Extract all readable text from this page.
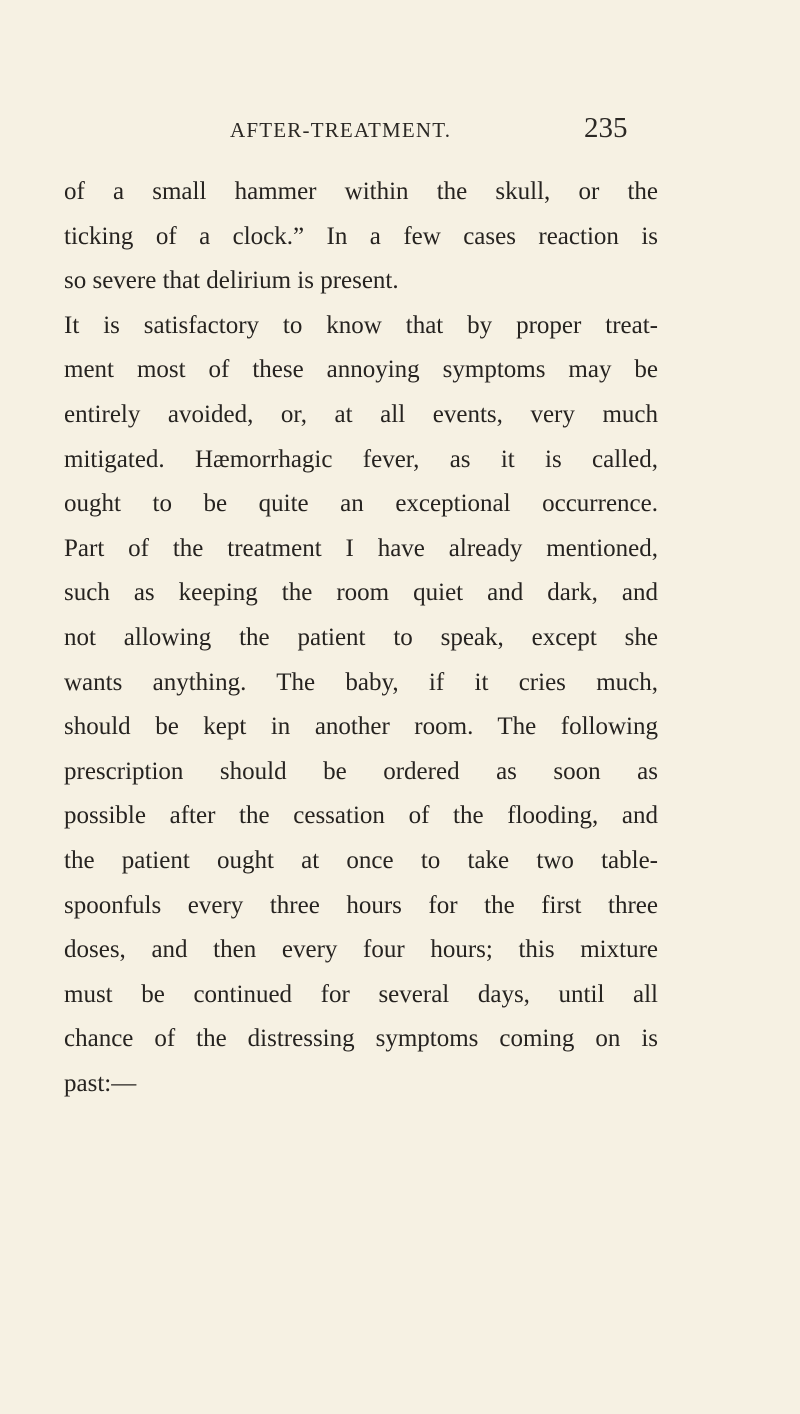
AFTER-TREATMENT.	235
of a small hammer within the skull, or the
ticking of a clock.” In a few cases reaction is
so severe that delirium is present.
It is satisfactory to know that by proper treat-
ment most of these annoying symptoms may be
entirely avoided, or, at all events, very much
mitigated. Hæmorrhagic fever, as it is called,
ought to be quite an exceptional occurrence.
Part of the treatment I have already mentioned,
such as keeping the room quiet and dark, and
not allowing the patient to speak, except she
wants anything. The baby, if it cries much,
should be kept in another room. The following
prescription should be ordered as soon as
possible after the cessation of the flooding, and
the patient ought at once to take two table-
spoonfuls every three hours for the first three
doses, and then every four hours; this mixture
must be continued for several days, until all
chance of the distressing symptoms coming on is
past:—
